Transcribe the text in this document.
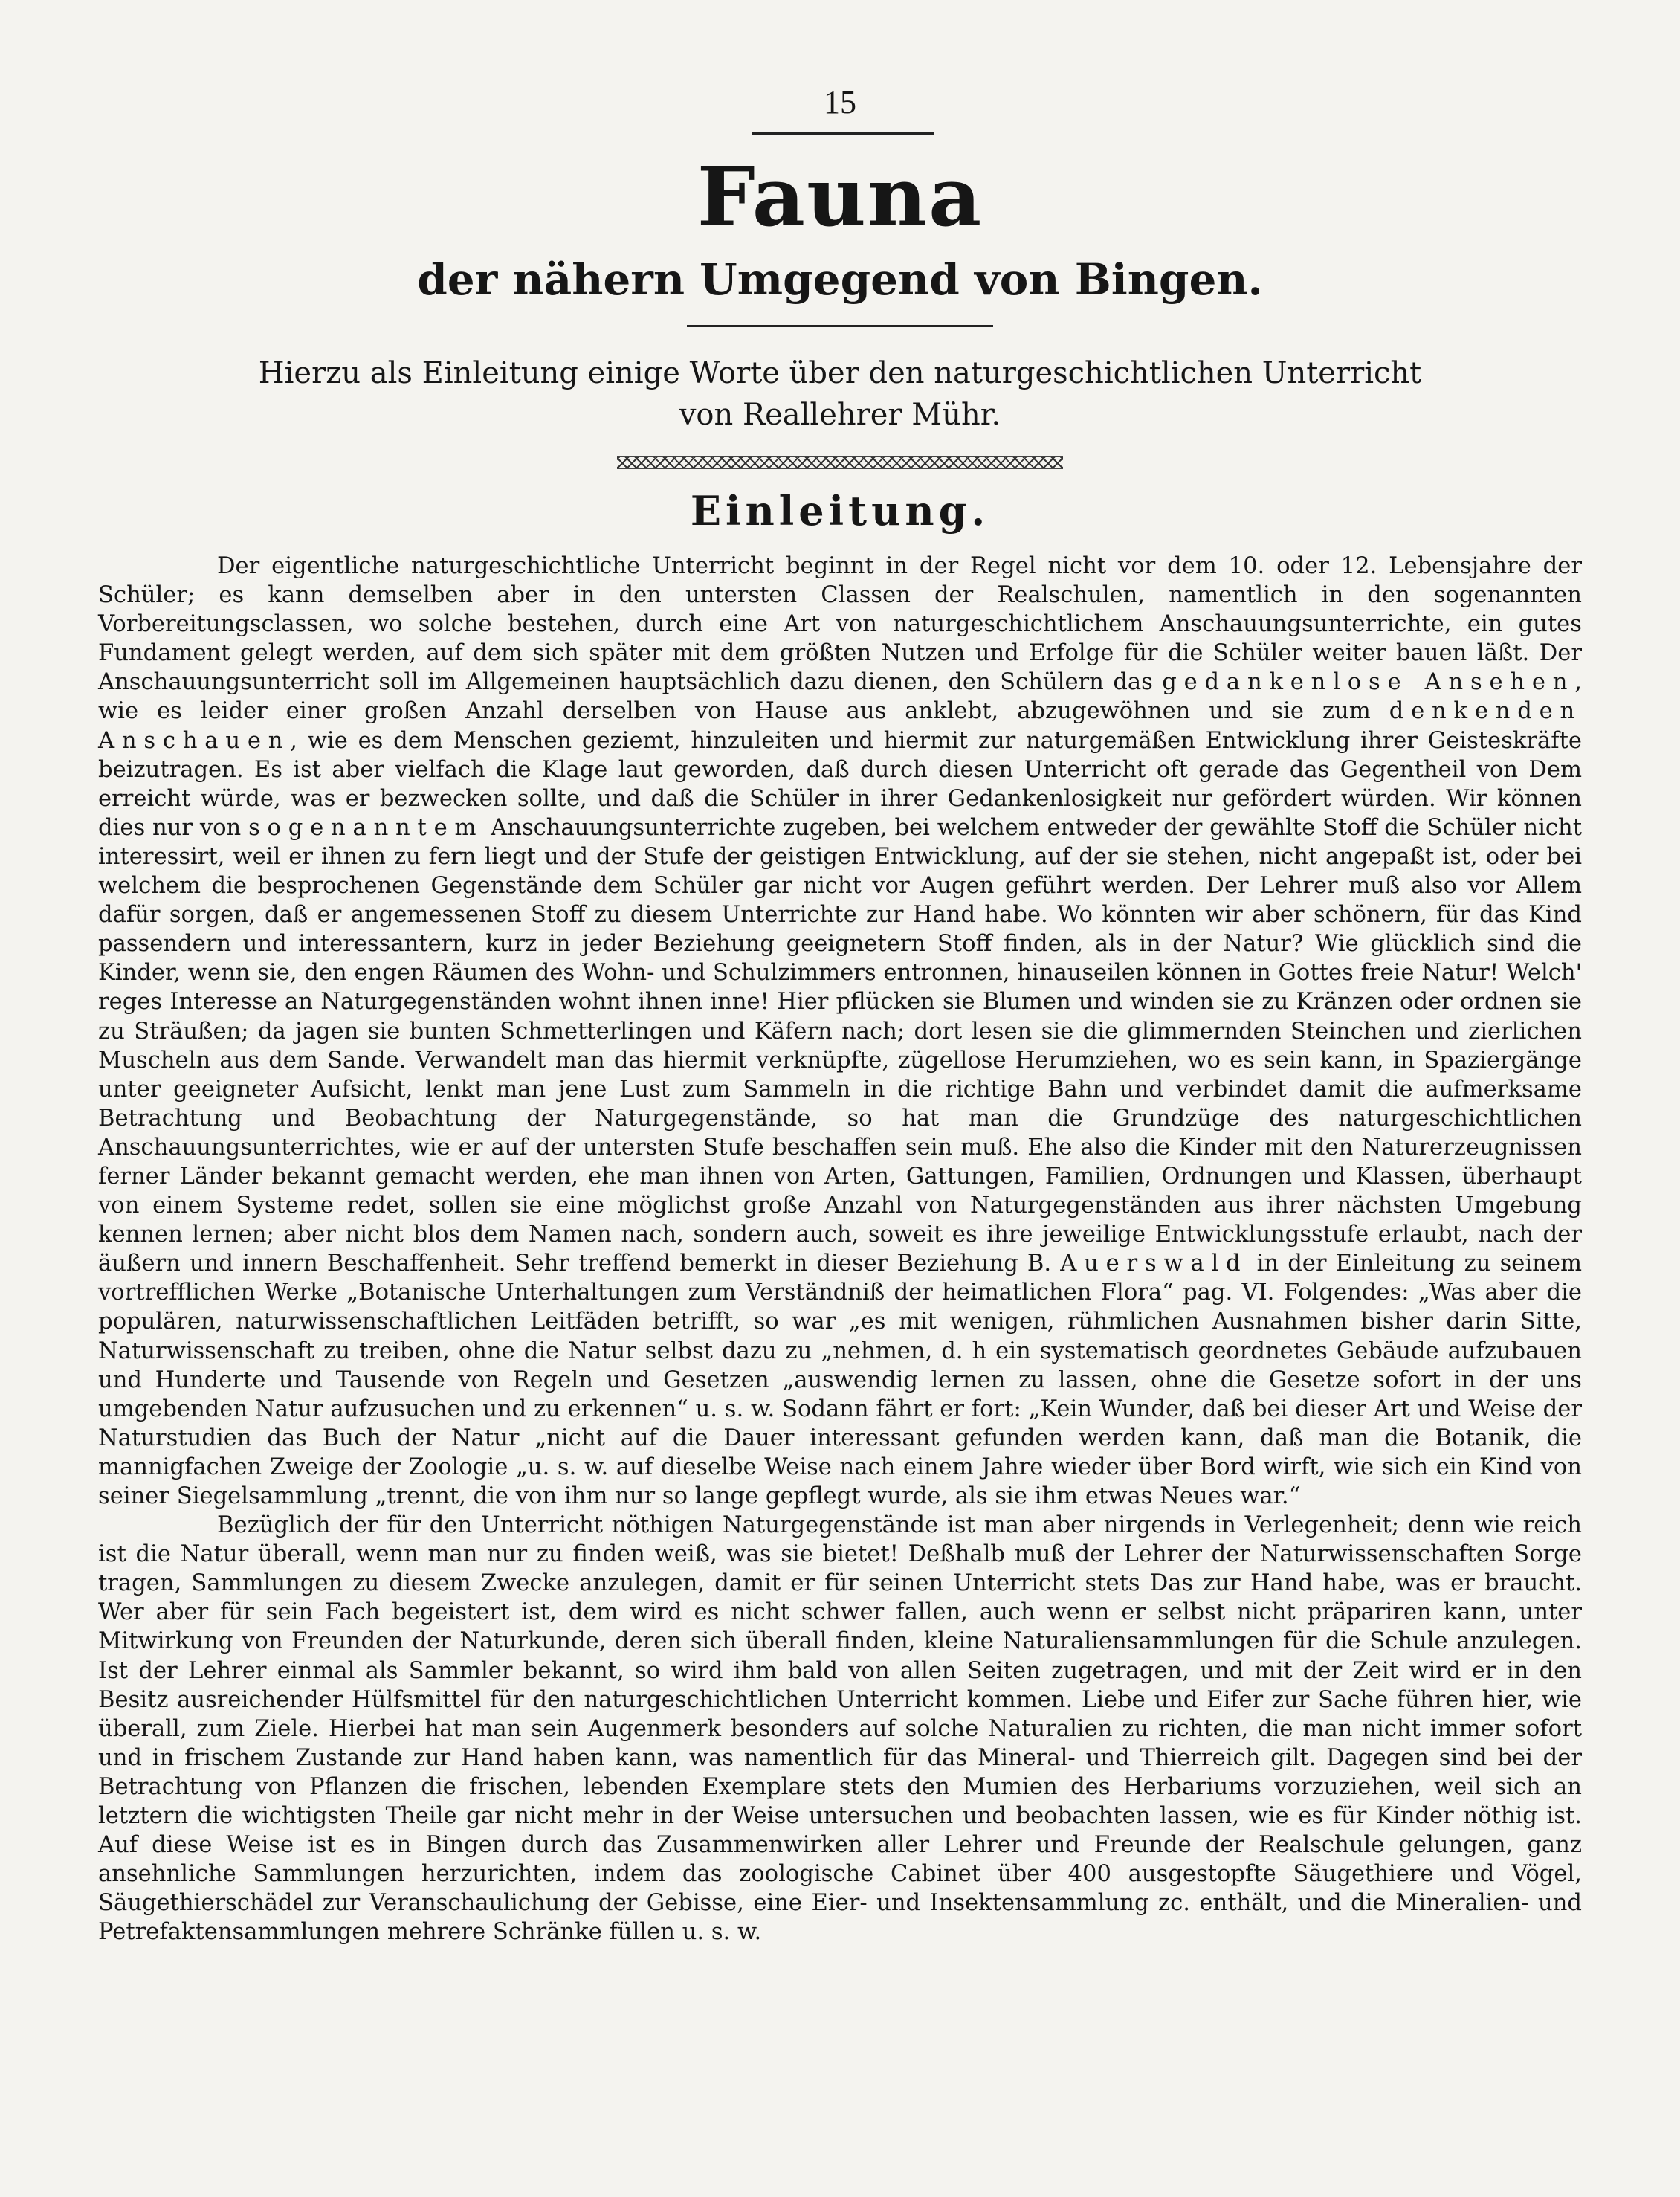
15
Fauna
der nähern Umgegend von Bingen.
Hierzu als Einleitung einige Worte über den naturgeschichtlichen Unterricht
von Reallehrer Mühr.
Einleitung.

Der eigentliche naturgeschichtliche Unterricht beginnt in der Regel nicht vor dem 10. oder 12. Lebensjahre der Schüler; es kann demselben aber in den untersten Classen der Realschulen, namentlich in den sogenannten Vorbereitungsclassen, wo solche bestehen, durch eine Art von naturgeschichtlichem Anschauungsunterrichte, ein gutes Fundament gelegt werden, auf dem sich später mit dem größten Nutzen und Erfolge für die Schüler weiter bauen läßt. Der Anschauungsunterricht soll im Allgemeinen hauptsächlich dazu dienen, den Schülern das gedankenlose Ansehen, wie es leider einer großen Anzahl derselben von Hause aus anklebt, abzugewöhnen und sie zum denkenden Anschauen, wie es dem Menschen geziemt, hinzuleiten und hiermit zur naturgemäßen Entwicklung ihrer Geisteskräfte beizutragen. Es ist aber vielfach die Klage laut geworden, daß durch diesen Unterricht oft gerade das Gegentheil von Dem erreicht würde, was er bezwecken sollte, und daß die Schüler in ihrer Gedankenlosigkeit nur gefördert würden. Wir können dies nur von sogenanntem Anschauungsunterrichte zugeben, bei welchem entweder der gewählte Stoff die Schüler nicht interessirt, weil er ihnen zu fern liegt und der Stufe der geistigen Entwicklung, auf der sie stehen, nicht angepaßt ist, oder bei welchem die besprochenen Gegenstände dem Schüler gar nicht vor Augen geführt werden. Der Lehrer muß also vor Allem dafür sorgen, daß er angemessenen Stoff zu diesem Unterrichte zur Hand habe. Wo könnten wir aber schönern, für das Kind passendern und interessantern, kurz in jeder Beziehung geeignetern Stoff finden, als in der Natur? Wie glücklich sind die Kinder, wenn sie, den engen Räumen des Wohn- und Schulzimmers entronnen, hinauseilen können in Gottes freie Natur! Welch' reges Interesse an Naturgegenständen wohnt ihnen inne! Hier pflücken sie Blumen und winden sie zu Kränzen oder ordnen sie zu Sträußen; da jagen sie bunten Schmetterlingen und Käfern nach; dort lesen sie die glimmernden Steinchen und zierlichen Muscheln aus dem Sande. Verwandelt man das hiermit verknüpfte, zügellose Herumziehen, wo es sein kann, in Spaziergänge unter geeigneter Aufsicht, lenkt man jene Lust zum Sammeln in die richtige Bahn und verbindet damit die aufmerksame Betrachtung und Beobachtung der Naturgegenstände, so hat man die Grundzüge des naturgeschichtlichen Anschauungsunterrichtes, wie er auf der untersten Stufe beschaffen sein muß. Ehe also die Kinder mit den Naturerzeugnissen ferner Länder bekannt gemacht werden, ehe man ihnen von Arten, Gattungen, Familien, Ordnungen und Klassen, überhaupt von einem Systeme redet, sollen sie eine möglichst große Anzahl von Naturgegenständen aus ihrer nächsten Umgebung kennen lernen; aber nicht blos dem Namen nach, sondern auch, soweit es ihre jeweilige Entwicklungsstufe erlaubt, nach der äußern und innern Beschaffenheit. Sehr treffend bemerkt in dieser Beziehung B. Auerswald in der Einleitung zu seinem vortrefflichen Werke „Botanische Unterhaltungen zum Verständniß der heimatlichen Flora“ pag. VI. Folgendes: „Was aber die populären, naturwissenschaftlichen Leitfäden betrifft, so war „es mit wenigen, rühmlichen Ausnahmen bisher darin Sitte, Naturwissenschaft zu treiben, ohne die Natur selbst dazu zu „nehmen, d. h ein systematisch geordnetes Gebäude aufzubauen und Hunderte und Tausende von Regeln und Gesetzen „auswendig lernen zu lassen, ohne die Gesetze sofort in der uns umgebenden Natur aufzusuchen und zu erkennen“ u. s. w. Sodann fährt er fort: „Kein Wunder, daß bei dieser Art und Weise der Naturstudien das Buch der Natur „nicht auf die Dauer interessant gefunden werden kann, daß man die Botanik, die mannigfachen Zweige der Zoologie „u. s. w. auf dieselbe Weise nach einem Jahre wieder über Bord wirft, wie sich ein Kind von seiner Siegelsammlung „trennt, die von ihm nur so lange gepflegt wurde, als sie ihm etwas Neues war.“

Bezüglich der für den Unterricht nöthigen Naturgegenstände ist man aber nirgends in Verlegenheit; denn wie reich ist die Natur überall, wenn man nur zu finden weiß, was sie bietet! Deßhalb muß der Lehrer der Naturwissenschaften Sorge tragen, Sammlungen zu diesem Zwecke anzulegen, damit er für seinen Unterricht stets Das zur Hand habe, was er braucht. Wer aber für sein Fach begeistert ist, dem wird es nicht schwer fallen, auch wenn er selbst nicht präpariren kann, unter Mitwirkung von Freunden der Naturkunde, deren sich überall finden, kleine Naturaliensammlungen für die Schule anzulegen. Ist der Lehrer einmal als Sammler bekannt, so wird ihm bald von allen Seiten zugetragen, und mit der Zeit wird er in den Besitz ausreichender Hülfsmittel für den naturgeschichtlichen Unterricht kommen. Liebe und Eifer zur Sache führen hier, wie überall, zum Ziele. Hierbei hat man sein Augenmerk besonders auf solche Naturalien zu richten, die man nicht immer sofort und in frischem Zustande zur Hand haben kann, was namentlich für das Mineral- und Thierreich gilt. Dagegen sind bei der Betrachtung von Pflanzen die frischen, lebenden Exemplare stets den Mumien des Herbariums vorzuziehen, weil sich an letztern die wichtigsten Theile gar nicht mehr in der Weise untersuchen und beobachten lassen, wie es für Kinder nöthig ist. Auf diese Weise ist es in Bingen durch das Zusammenwirken aller Lehrer und Freunde der Realschule gelungen, ganz ansehnliche Sammlungen herzurichten, indem das zoologische Cabinet über 400 ausgestopfte Säugethiere und Vögel, Säugethierschädel zur Veranschaulichung der Gebisse, eine Eier- und Insektensammlung zc. enthält, und die Mineralien- und Petrefaktensammlungen mehrere Schränke füllen u. s. w.
